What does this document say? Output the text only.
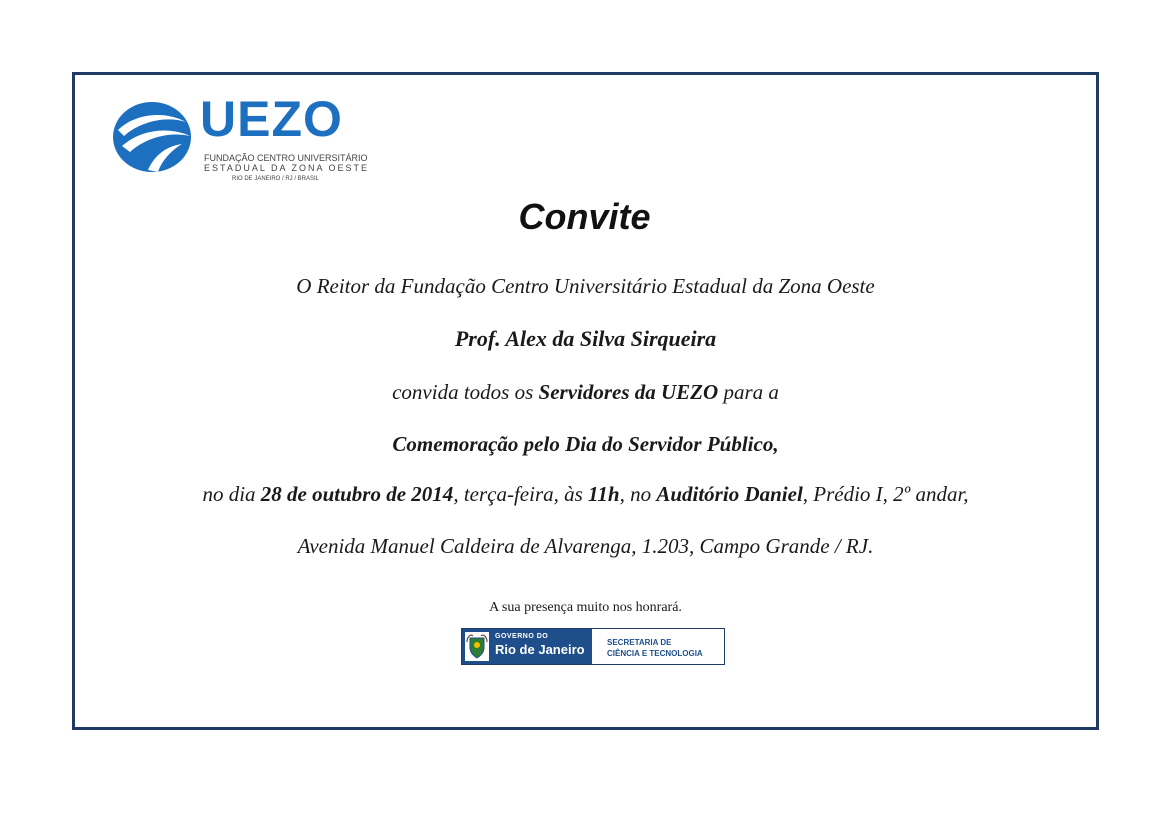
UEZO
FUNDAÇÃO CENTRO UNIVERSITÁRIO
ESTADUAL DA ZONA OESTE
RIO DE JANEIRO / RJ / BRASIL
Convite
O Reitor da Fundação Centro Universitário Estadual da Zona Oeste
Prof. Alex da Silva Sirqueira
convida todos os Servidores da UEZO para a
Comemoração pelo Dia do Servidor Público,
no dia 28 de outubro de 2014, terça-feira, às 11h, no Auditório Daniel, Prédio I, 2º andar,
Avenida Manuel Caldeira de Alvarenga, 1.203, Campo Grande / RJ.
A sua presença muito nos honrará.
GOVERNO DO
Rio de Janeiro	SECRETARIA DE
CIÊNCIA E TECNOLOGIA
